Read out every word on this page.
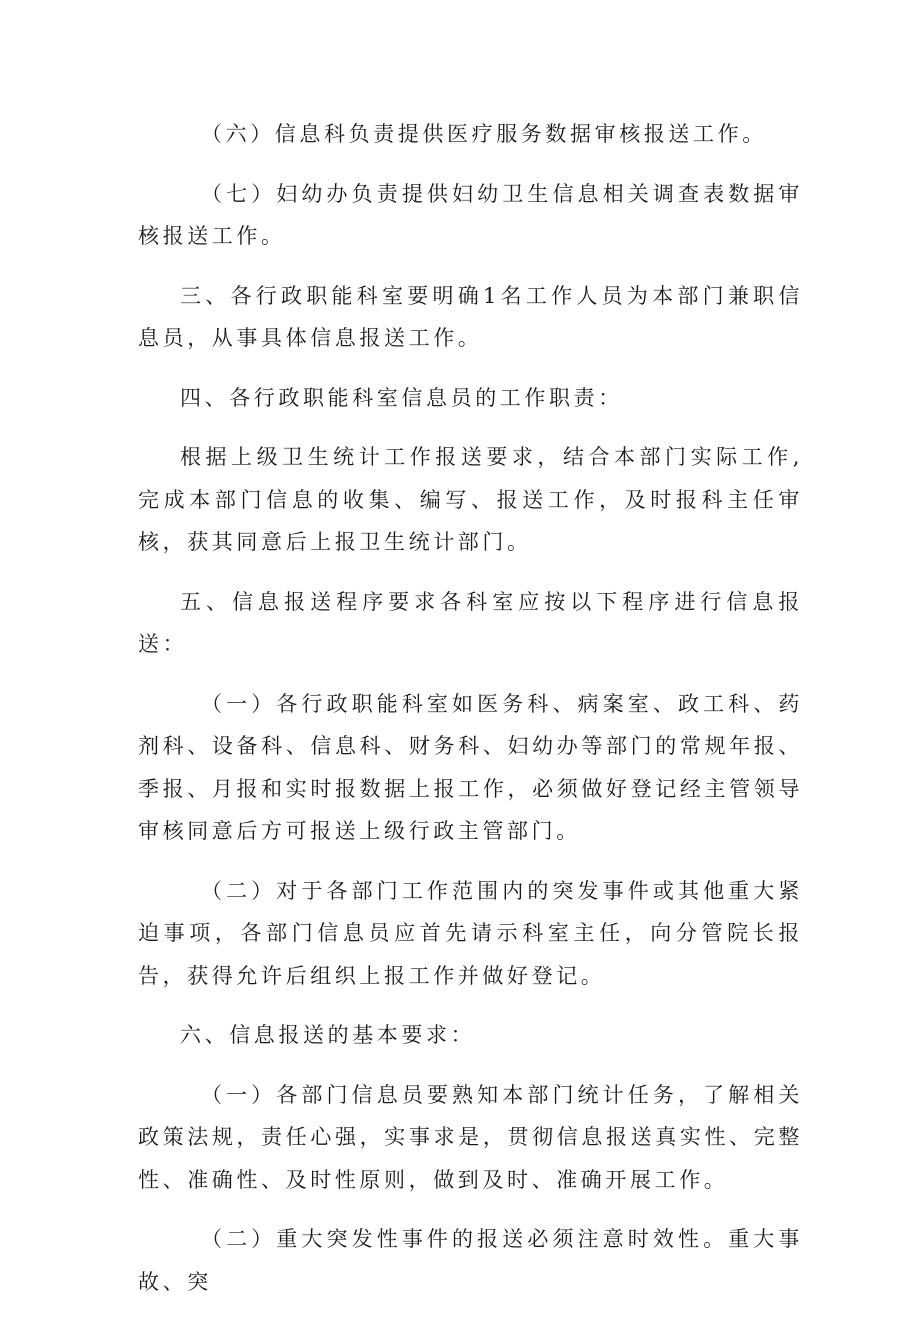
（六）信息科负责提供医疗服务数据审核报送工作。

（七）妇幼办负责提供妇幼卫生信息相关调查表数据审核报送工作。

三、各行政职能科室要明确1名工作人员为本部门兼职信息员，从事具体信息报送工作。

四、各行政职能科室信息员的工作职责：

根据上级卫生统计工作报送要求，结合本部门实际工作,完成本部门信息的收集、编写、报送工作，及时报科主任审核，获其同意后上报卫生统计部门。

五、信息报送程序要求各科室应按以下程序进行信息报送：

（一）各行政职能科室如医务科、病案室、政工科、药剂科、设备科、信息科、财务科、妇幼办等部门的常规年报、季报、月报和实时报数据上报工作，必须做好登记经主管领导审核同意后方可报送上级行政主管部门。

（二）对于各部门工作范围内的突发事件或其他重大紧迫事项，各部门信息员应首先请示科室主任，向分管院长报告，获得允许后组织上报工作并做好登记。

六、信息报送的基本要求：

（一）各部门信息员要熟知本部门统计任务，了解相关政策法规，责任心强，实事求是，贯彻信息报送真实性、完整性、准确性、及时性原则，做到及时、准确开展工作。

（二）重大突发性事件的报送必须注意时效性。重大事故、突
